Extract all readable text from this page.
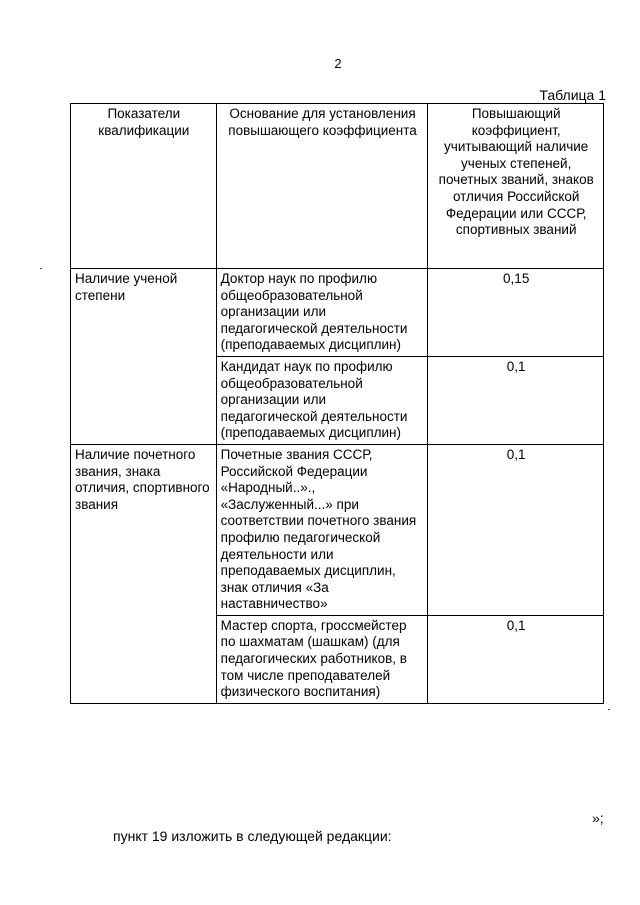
2
Таблица 1
Показатели квалификации	Основание для установления повышающего коэффициента	Повышающий коэффициент, учитывающий наличие ученых степеней, почетных званий, знаков отличия Российской Федерации или СССР, спортивных званий
Наличие ученой степени	Доктор наук по профилю общеобразовательной организации или педагогической деятельности (преподаваемых дисциплин)	0,15
	Кандидат наук по профилю общеобразовательной организации или педагогической деятельности (преподаваемых дисциплин)	0,1
Наличие почетного звания, знака отличия, спортивного звания	Почетные звания СССР, Российской Федерации «Народный..»., «Заслуженный...» при соответствии почетного звания профилю педагогической деятельности или преподаваемых дисциплин, знак отличия «За наставничество»	0,1
	Мастер спорта, гроссмейстер по шахматам (шашкам) (для педагогических работников, в том числе преподавателей физического воспитания)	0,1
»;
пункт 19 изложить в следующей редакции:
